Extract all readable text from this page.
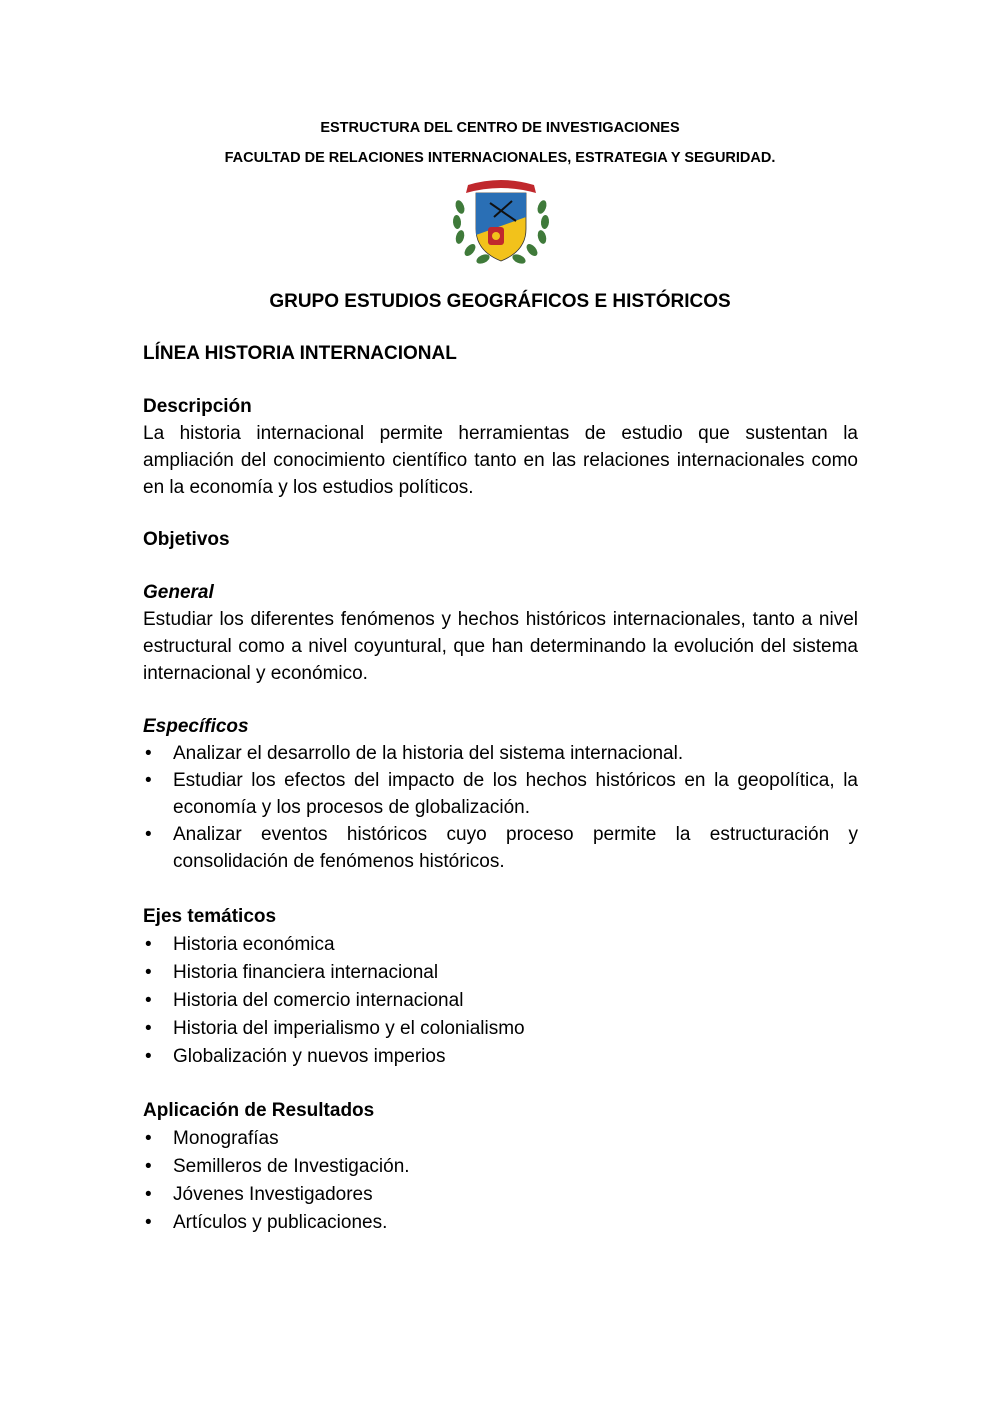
ESTRUCTURA DEL CENTRO DE INVESTIGACIONES
FACULTAD DE RELACIONES INTERNACIONALES, ESTRATEGIA Y SEGURIDAD.
GRUPO ESTUDIOS GEOGRÁFICOS E HISTÓRICOS
LÍNEA HISTORIA INTERNACIONAL
Descripción
La historia internacional permite herramientas de estudio que sustentan la ampliación del conocimiento científico tanto en las relaciones internacionales como en la economía y los estudios políticos.
Objetivos
General
Estudiar los diferentes fenómenos y hechos históricos internacionales, tanto a nivel estructural como a nivel coyuntural, que han determinando la evolución del sistema internacional y económico.
Específicos
• Analizar el desarrollo de la historia del sistema internacional.
• Estudiar los efectos del impacto de los hechos históricos en la geopolítica, la economía y los procesos de globalización.
• Analizar eventos históricos cuyo proceso permite la estructuración y consolidación de fenómenos históricos.
Ejes temáticos
• Historia económica
• Historia financiera internacional
• Historia del comercio internacional
• Historia del imperialismo y el colonialismo
• Globalización y nuevos imperios
Aplicación de Resultados
• Monografías
• Semilleros de Investigación.
• Jóvenes Investigadores
• Artículos y publicaciones.
